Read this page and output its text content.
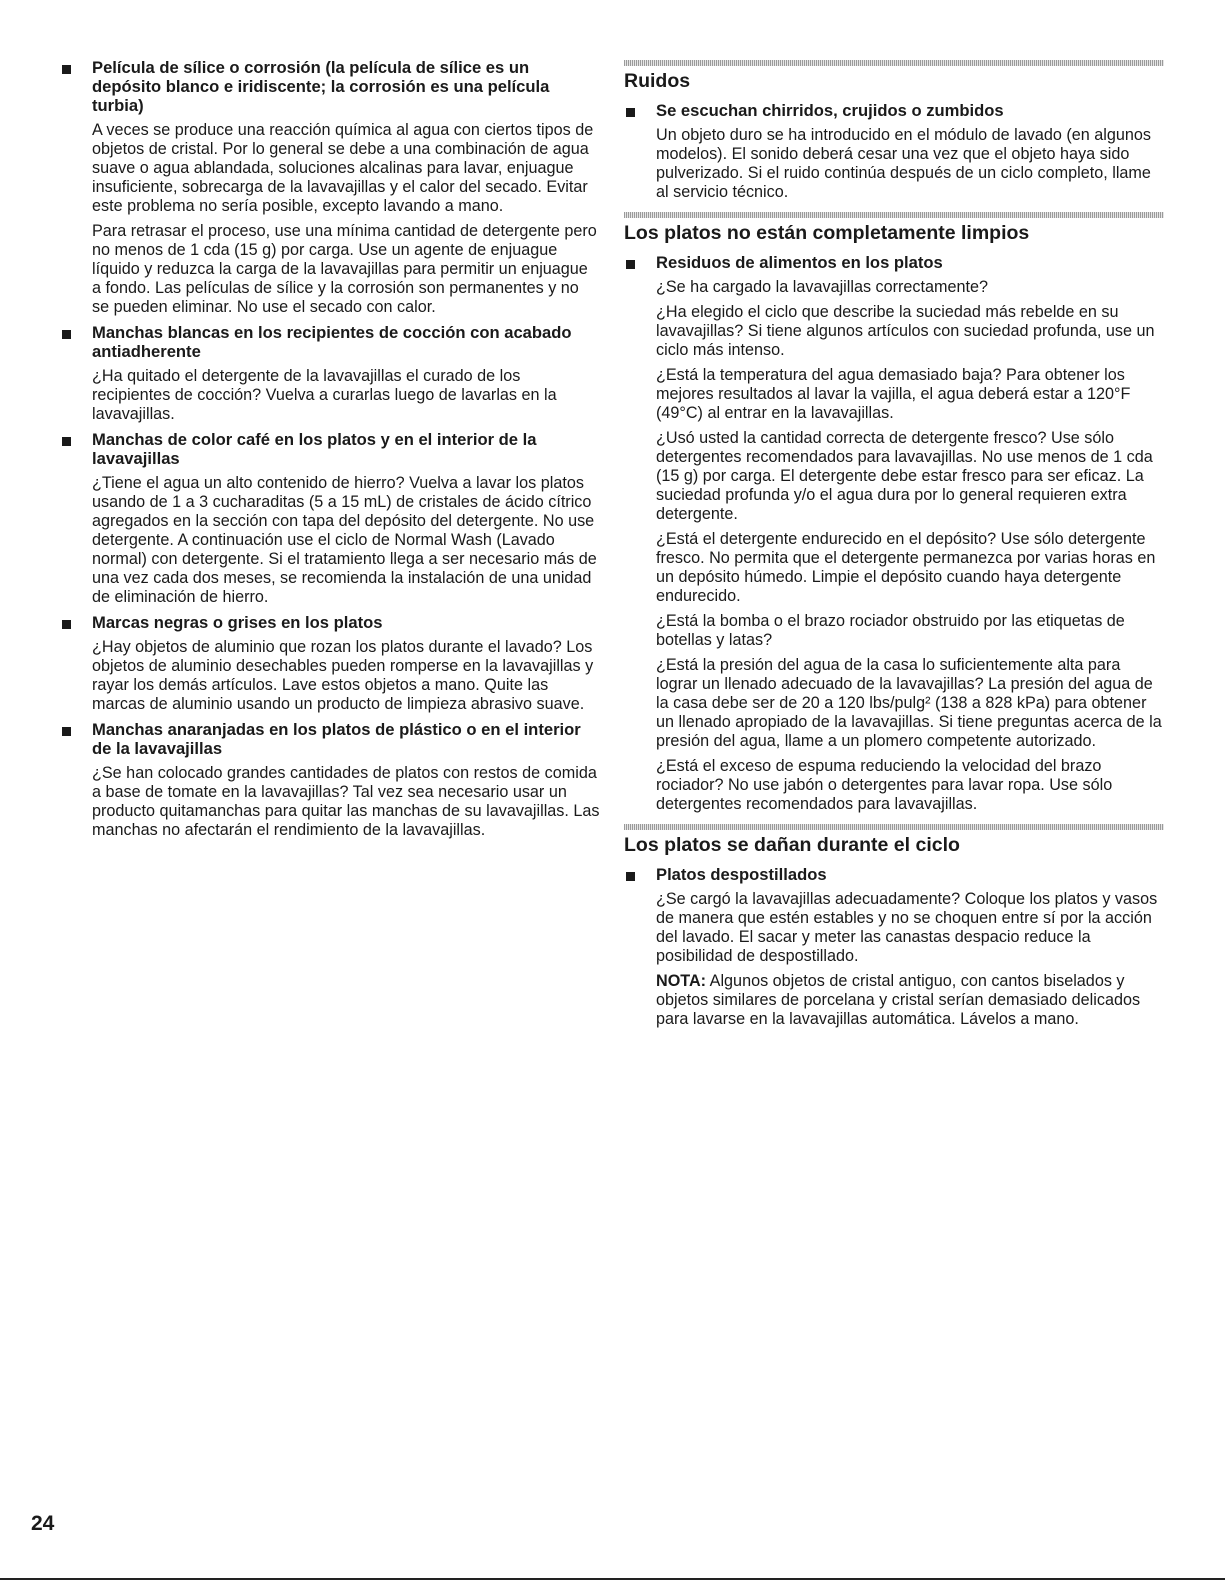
Película de sílice o corrosión (la película de sílice es un depósito blanco e iridiscente; la corrosión es una película turbia)

A veces se produce una reacción química al agua con ciertos tipos de objetos de cristal. Por lo general se debe a una combinación de agua suave o agua ablandada, soluciones alcalinas para lavar, enjuague insuficiente, sobrecarga de la lavavajillas y el calor del secado. Evitar este problema no sería posible, excepto lavando a mano.

Para retrasar el proceso, use una mínima cantidad de detergente pero no menos de 1 cda (15 g) por carga. Use un agente de enjuague líquido y reduzca la carga de la lavavajillas para permitir un enjuague a fondo. Las películas de sílice y la corrosión son permanentes y no se pueden eliminar. No use el secado con calor.

Manchas blancas en los recipientes de cocción con acabado antiadherente

¿Ha quitado el detergente de la lavavajillas el curado de los recipientes de cocción? Vuelva a curarlas luego de lavarlas en la lavavajillas.

Manchas de color café en los platos y en el interior de la lavavajillas

¿Tiene el agua un alto contenido de hierro? Vuelva a lavar los platos usando de 1 a 3 cucharaditas (5 a 15 mL) de cristales de ácido cítrico agregados en la sección con tapa del depósito del detergente. No use detergente. A continuación use el ciclo de Normal Wash (Lavado normal) con detergente. Si el tratamiento llega a ser necesario más de una vez cada dos meses, se recomienda la instalación de una unidad de eliminación de hierro.

Marcas negras o grises en los platos

¿Hay objetos de aluminio que rozan los platos durante el lavado? Los objetos de aluminio desechables pueden romperse en la lavavajillas y rayar los demás artículos. Lave estos objetos a mano. Quite las marcas de aluminio usando un producto de limpieza abrasivo suave.

Manchas anaranjadas en los platos de plástico o en el interior de la lavavajillas

¿Se han colocado grandes cantidades de platos con restos de comida a base de tomate en la lavavajillas? Tal vez sea necesario usar un producto quitamanchas para quitar las manchas de su lavavajillas. Las manchas no afectarán el rendimiento de la lavavajillas.

Ruidos
Se escuchan chirridos, crujidos o zumbidos

Un objeto duro se ha introducido en el módulo de lavado (en algunos modelos). El sonido deberá cesar una vez que el objeto haya sido pulverizado. Si el ruido continúa después de un ciclo completo, llame al servicio técnico.

Los platos no están completamente limpios
Residuos de alimentos en los platos

¿Se ha cargado la lavavajillas correctamente?

¿Ha elegido el ciclo que describe la suciedad más rebelde en su lavavajillas? Si tiene algunos artículos con suciedad profunda, use un ciclo más intenso.

¿Está la temperatura del agua demasiado baja? Para obtener los mejores resultados al lavar la vajilla, el agua deberá estar a 120°F (49°C) al entrar en la lavavajillas.

¿Usó usted la cantidad correcta de detergente fresco? Use sólo detergentes recomendados para lavavajillas. No use menos de 1 cda (15 g) por carga. El detergente debe estar fresco para ser eficaz. La suciedad profunda y/o el agua dura por lo general requieren extra detergente.

¿Está el detergente endurecido en el depósito? Use sólo detergente fresco. No permita que el detergente permanezca por varias horas en un depósito húmedo. Limpie el depósito cuando haya detergente endurecido.

¿Está la bomba o el brazo rociador obstruido por las etiquetas de botellas y latas?

¿Está la presión del agua de la casa lo suficientemente alta para lograr un llenado adecuado de la lavavajillas? La presión del agua de la casa debe ser de 20 a 120 lbs/pulg² (138 a 828 kPa) para obtener un llenado apropiado de la lavavajillas. Si tiene preguntas acerca de la presión del agua, llame a un plomero competente autorizado.

¿Está el exceso de espuma reduciendo la velocidad del brazo rociador? No use jabón o detergentes para lavar ropa. Use sólo detergentes recomendados para lavavajillas.

Los platos se dañan durante el ciclo
Platos despostillados

¿Se cargó la lavavajillas adecuadamente? Coloque los platos y vasos de manera que estén estables y no se choquen entre sí por la acción del lavado. El sacar y meter las canastas despacio reduce la posibilidad de despostillado.

NOTA: Algunos objetos de cristal antiguo, con cantos biselados y objetos similares de porcelana y cristal serían demasiado delicados para lavarse en la lavavajillas automática. Lávelos a mano.

24
